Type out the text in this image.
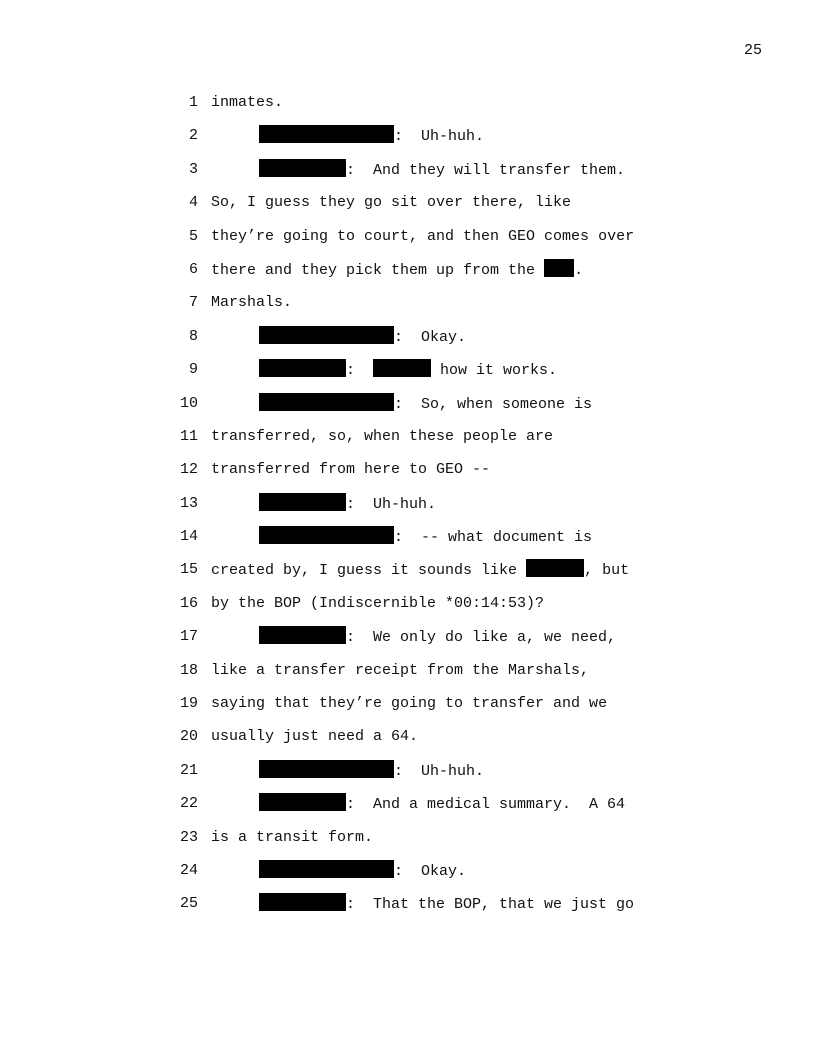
25
1 inmates.
2	:  Uh-huh.
3	:  And they will transfer them.
4 So, I guess they go sit over there, like
5 they’re going to court, and then GEO comes over
6 there and they pick them up from the .
7 Marshals.
8	:  Okay.
9	:	how it works.
10	:  So, when someone is
11 transferred, so, when these people are
12 transferred from here to GEO --
13	:  Uh-huh.
14	:  -- what document is
15 created by, I guess it sounds like	, but
16 by the BOP (Indiscernible *00:14:53)?
17	:  We only do like a, we need,
18 like a transfer receipt from the Marshals,
19 saying that they’re going to transfer and we
20 usually just need a 64.
21	:  Uh-huh.
22	:  And a medical summary.  A 64
23 is a transit form.
24	:  Okay.
25	:  That the BOP, that we just go
